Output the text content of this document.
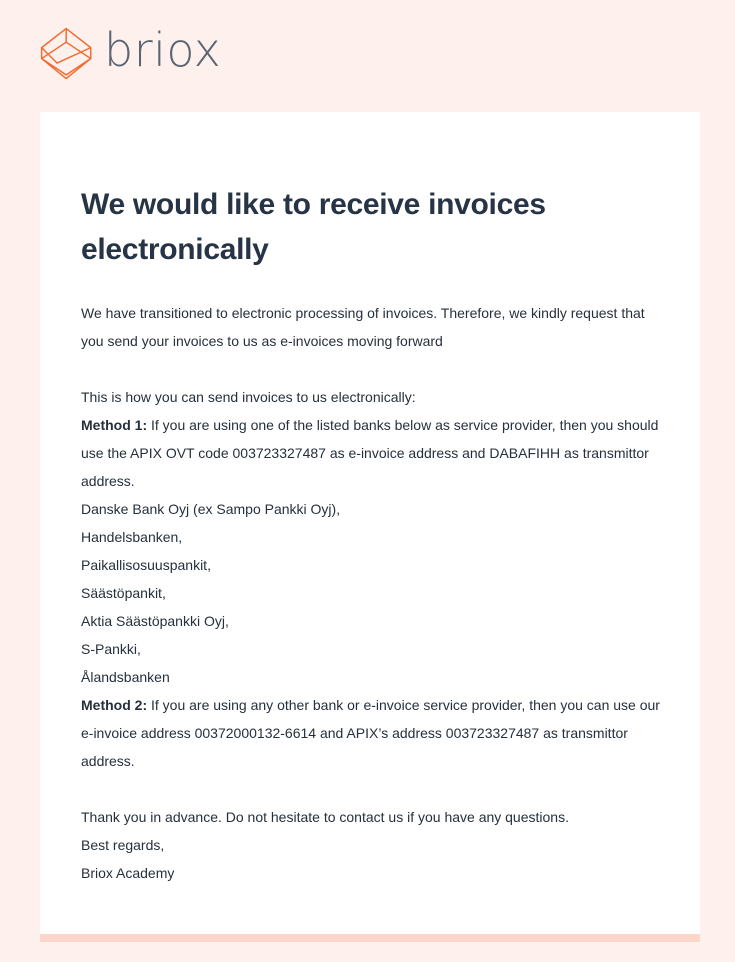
briox
We would like to receive invoices electronically

We have transitioned to electronic processing of invoices. Therefore, we kindly request that you send your invoices to us as e-invoices moving forward

This is how you can send invoices to us electronically:

Method 1: If you are using one of the listed banks below as service provider, then you should use the APIX OVT code 003723327487 as e-invoice address and DABAFIHH as transmittor address.

Danske Bank Oyj (ex Sampo Pankki Oyj),
Handelsbanken,
Paikallisosuuspankit,
Säästöpankit,
Aktia Säästöpankki Oyj,
S-Pankki,
Ålandsbanken

Method 2: If you are using any other bank or e-invoice service provider, then you can use our e-invoice address 00372000132-6614 and APIX’s address 003723327487 as transmittor address.

Thank you in advance. Do not hesitate to contact us if you have any questions.

Best regards,

Briox Academy
